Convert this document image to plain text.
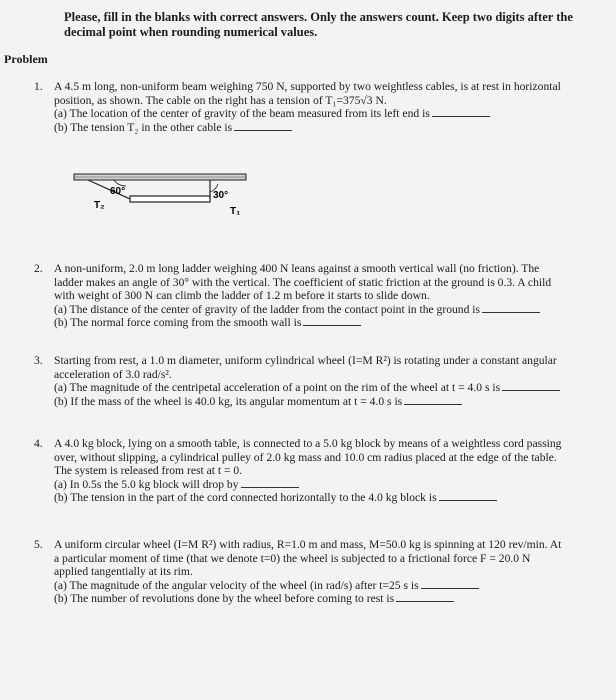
Please, fill in the blanks with correct answers. Only the answers count. Keep two digits after the decimal point when rounding numerical values.
Problem
1. A 4.5 m long, non-uniform beam weighing 750 N, supported by two weightless cables, is at rest in horizontal

position, as shown. The cable on the right has a tension of T₁=375√3 N.

(a) The location of the center of gravity of the beam measured from its left end is

(b) The tension T₂ in the other cable is

60°	30°
T₂
T₁
2. A non-uniform, 2.0 m long ladder weighing 400 N leans against a smooth vertical wall (no friction). The

ladder makes an angle of 30° with the vertical. The coefficient of static friction at the ground is 0.3. A child

with weight of 300 N can climb the ladder of 1.2 m before it starts to slide down.

(a) The distance of the center of gravity of the ladder from the contact point in the ground is

(b) The normal force coming from the smooth wall is

3. Starting from rest, a 1.0 m diameter, uniform cylindrical wheel (I=M R²) is rotating under a constant angular

acceleration of 3.0 rad/s².

(a) The magnitude of the centripetal acceleration of a point on the rim of the wheel at t = 4.0 s is

(b) If the mass of the wheel is 40.0 kg, its angular momentum at t = 4.0 s is

4. A 4.0 kg block, lying on a smooth table, is connected to a 5.0 kg block by means of a weightless cord passing

over, without slipping, a cylindrical pulley of 2.0 kg mass and 10.0 cm radius placed at the edge of the table.

The system is released from rest at t = 0.

(a) In 0.5s the 5.0 kg block will drop by

(b) The tension in the part of the cord connected horizontally to the 4.0 kg block is

5. A uniform circular wheel (I=M R²) with radius, R=1.0 m and mass, M=50.0 kg is spinning at 120 rev/min. At

a particular moment of time (that we denote t=0) the wheel is subjected to a frictional force F = 20.0 N

applied tangentially at its rim.

(a) The magnitude of the angular velocity of the wheel (in rad/s) after t=25 s is

(b) The number of revolutions done by the wheel before coming to rest is
